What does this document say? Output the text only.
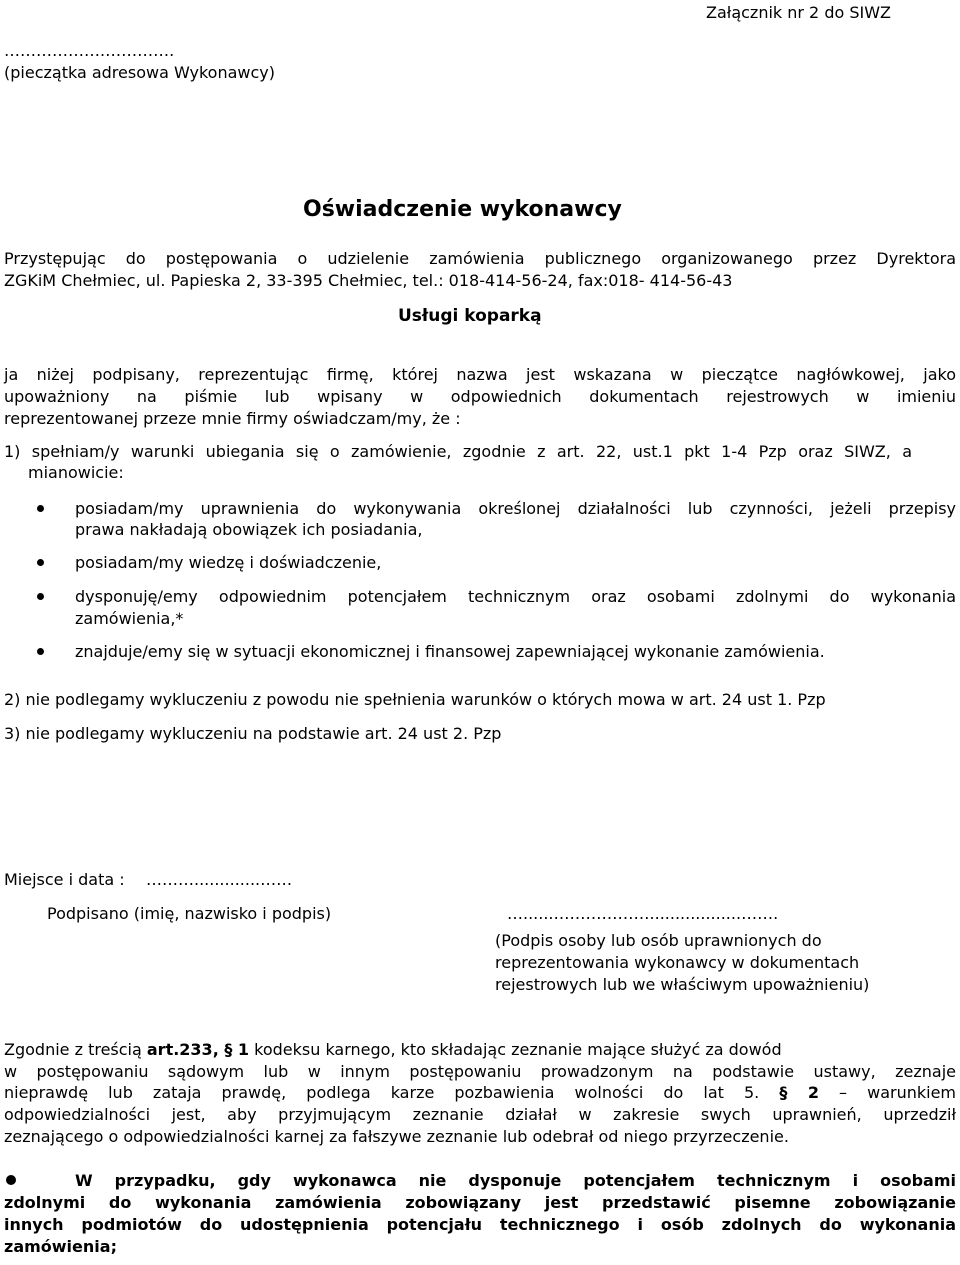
Załącznik nr 2 do SIWZ
……………….………….
(pieczątka adresowa Wykonawcy)
Oświadczenie wykonawcy
Przystępując do postępowania o udzielenie zamówienia publicznego organizowanego przez Dyrektora
ZGKiM Chełmiec, ul. Papieska 2, 33-395 Chełmiec, tel.: 018-414-56-24, fax:018- 414-56-43
Usługi koparką
ja niżej podpisany, reprezentując firmę, której nazwa jest wskazana w pieczątce nagłówkowej, jako
upoważniony na piśmie lub wpisany w odpowiednich dokumentach rejestrowych w imieniu
reprezentowanej przeze mnie firmy oświadczam/my, że :
1) spełniam/y warunki ubiegania się o zamówienie, zgodnie z art. 22, ust.1 pkt 1-4 Pzp oraz SIWZ, a
mianowicie:
posiadam/my uprawnienia do wykonywania określonej działalności lub czynności, jeżeli przepisy
prawa nakładają obowiązek ich posiadania,
posiadam/my wiedzę i doświadczenie,
dysponuję/emy odpowiednim potencjałem technicznym oraz osobami zdolnymi do wykonania
zamówienia,*
znajduje/emy się w sytuacji ekonomicznej i finansowej zapewniającej wykonanie zamówienia.
2) nie podlegamy wykluczeniu z powodu nie spełnienia warunków o których mowa w art. 24 ust 1. Pzp
3) nie podlegamy wykluczeniu na podstawie art. 24 ust 2. Pzp
Miejsce i data : ……….............……
Podpisano (imię, nazwisko i podpis)	…......………………..................…….
(Podpis osoby lub osób uprawnionych do
reprezentowania wykonawcy w dokumentach
rejestrowych lub we właściwym upoważnieniu)
Zgodnie z treścią art.233, § 1 kodeksu karnego, kto składając zeznanie mające służyć za dowód
w postępowaniu sądowym lub w innym postępowaniu prowadzonym na podstawie ustawy, zeznaje
nieprawdę lub zataja prawdę, podlega karze pozbawienia wolności do lat 5. § 2 – warunkiem
odpowiedzialności jest, aby przyjmującym zeznanie działał w zakresie swych uprawnień, uprzedził
zeznającego o odpowiedzialności karnej za fałszywe zeznanie lub odebrał od niego przyrzeczenie.
W przypadku, gdy wykonawca nie dysponuje potencjałem technicznym i osobami
zdolnymi do wykonania zamówienia zobowiązany jest przedstawić pisemne zobowiązanie
innych podmiotów do udostępnienia potencjału technicznego i osób zdolnych do wykonania
zamówienia;
